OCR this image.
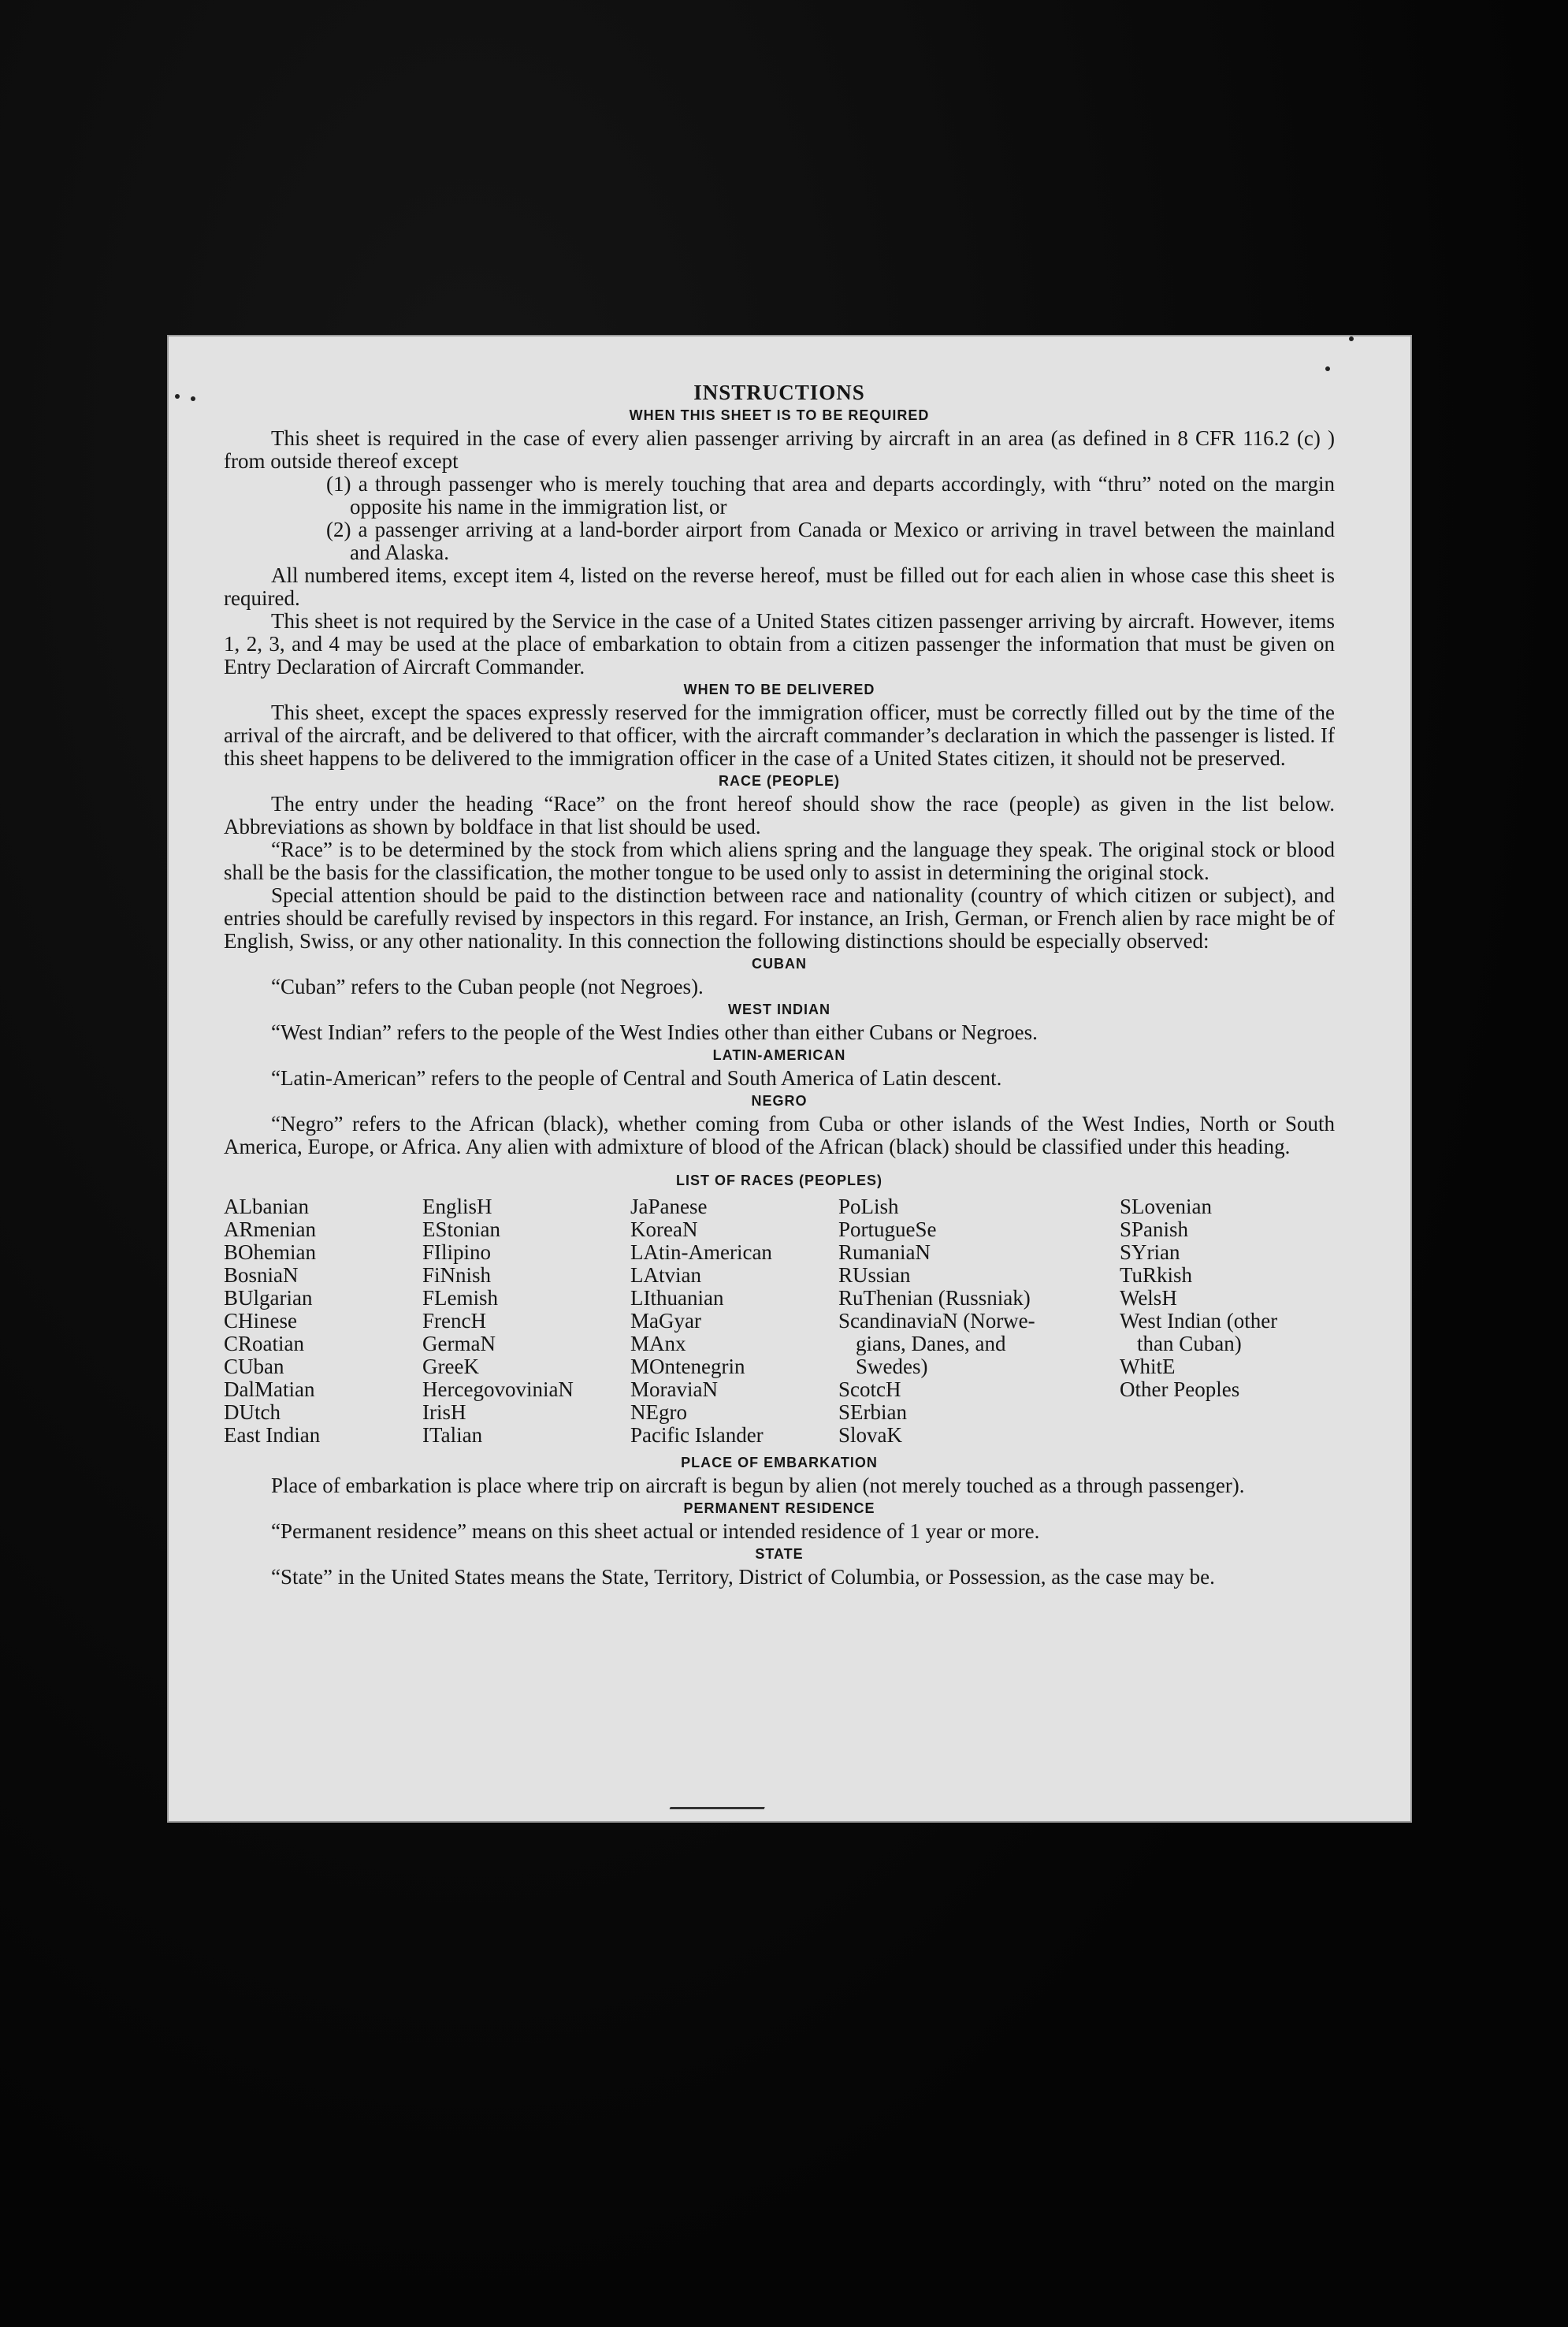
INSTRUCTIONS
WHEN THIS SHEET IS TO BE REQUIRED

This sheet is required in the case of every alien passenger arriving by aircraft in an area (as defined in 8 CFR 116.2 (c) ) from outside thereof except

(1) a through passenger who is merely touching that area and departs accordingly, with “thru” noted on the margin opposite his name in the immigration list, or

(2) a passenger arriving at a land-border airport from Canada or Mexico or arriving in travel between the mainland and Alaska.

All numbered items, except item 4, listed on the reverse hereof, must be filled out for each alien in whose case this sheet is required.

This sheet is not required by the Service in the case of a United States citizen passenger arriving by aircraft. However, items 1, 2, 3, and 4 may be used at the place of embarkation to obtain from a citizen passenger the information that must be given on Entry Declaration of Aircraft Commander.

WHEN TO BE DELIVERED

This sheet, except the spaces expressly reserved for the immigration officer, must be correctly filled out by the time of the arrival of the aircraft, and be delivered to that officer, with the aircraft commander’s declaration in which the passenger is listed. If this sheet happens to be delivered to the immigration officer in the case of a United States citizen, it should not be preserved.

RACE (PEOPLE)

The entry under the heading “Race” on the front hereof should show the race (people) as given in the list below. Abbreviations as shown by boldface in that list should be used.

“Race” is to be determined by the stock from which aliens spring and the language they speak. The original stock or blood shall be the basis for the classification, the mother tongue to be used only to assist in determining the original stock.

Special attention should be paid to the distinction between race and nationality (country of which citizen or subject), and entries should be carefully revised by inspectors in this regard. For instance, an Irish, German, or French alien by race might be of English, Swiss, or any other nationality. In this connection the following distinctions should be especially observed:

CUBAN

“Cuban” refers to the Cuban people (not Negroes).

WEST INDIAN

“West Indian” refers to the people of the West Indies other than either Cubans or Negroes.

LATIN-AMERICAN

“Latin-American” refers to the people of Central and South America of Latin descent.

NEGRO

“Negro” refers to the African (black), whether coming from Cuba or other islands of the West Indies, North or South America, Europe, or Africa. Any alien with admixture of blood of the African (black) should be classified under this heading.

LIST OF RACES (PEOPLES)
ALbanian
ARmenian
BOhemian
BosniaN
BUlgarian
CHinese
CRoatian
CUban
DalMatian
DUtch
East Indian
EnglisH
EStonian
FIlipino
FiNnish
FLemish
FrencH
GermaN
GreeK
HercegovoviniaN
IrisH
ITalian
JaPanese
KoreaN
LAtin-American
LAtvian
LIthuanian
MaGyar
MAnx
MOntenegrin
MoraviaN
NEgro
Pacific Islander
PoLish
PortugueSe
RumaniaN
RUssian
RuThenian (Russniak)
ScandinaviaN (Norwe-
gians, Danes, and
Swedes)
ScotcH
SErbian
SlovaK
SLovenian
SPanish
SYrian
TuRkish
WelsH
West Indian (other
than Cuban)
WhitE
Other Peoples
PLACE OF EMBARKATION

Place of embarkation is place where trip on aircraft is begun by alien (not merely touched as a through passenger).

PERMANENT RESIDENCE

“Permanent residence” means on this sheet actual or intended residence of 1 year or more.

STATE

“State” in the United States means the State, Territory, District of Columbia, or Possession, as the case may be.
